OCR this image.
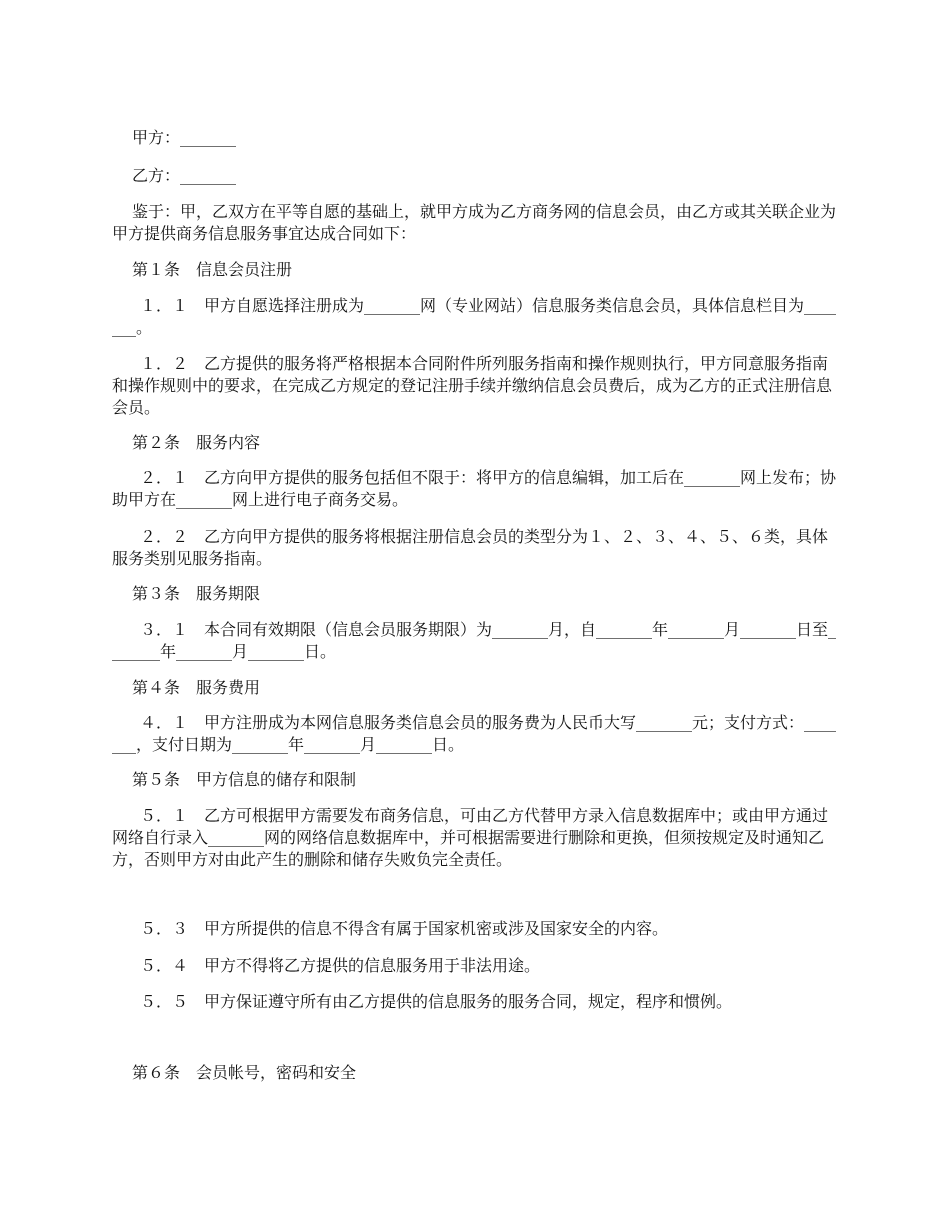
甲方：_______

乙方：_______

鉴于：甲，乙双方在平等自愿的基础上，就甲方成为乙方商务网的信息会员，由乙方或其关联企业为甲方提供商务信息服务事宜达成合同如下：

第１条　信息会员注册

１．１　甲方自愿选择注册成为_______网（专业网站）信息服务类信息会员，具体信息栏目为_______。

１．２　乙方提供的服务将严格根据本合同附件所列服务指南和操作规则执行，甲方同意服务指南和操作规则中的要求，在完成乙方规定的登记注册手续并缴纳信息会员费后，成为乙方的正式注册信息会员。

第２条　服务内容

２．１　乙方向甲方提供的服务包括但不限于：将甲方的信息编辑，加工后在_______网上发布；协助甲方在_______网上进行电子商务交易。

２．２　乙方向甲方提供的服务将根据注册信息会员的类型分为１、２、３、４、５、６类，具体服务类别见服务指南。

第３条　服务期限

３．１　本合同有效期限（信息会员服务期限）为_______月，自_______年_______月_______日至_______年_______月_______日。

第４条　服务费用

４．１　甲方注册成为本网信息服务类信息会员的服务费为人民币大写_______元；支付方式：_______，支付日期为_______年_______月_______日。

第５条　甲方信息的储存和限制

５．１　乙方可根据甲方需要发布商务信息，可由乙方代替甲方录入信息数据库中；或由甲方通过网络自行录入_______网的网络信息数据库中，并可根据需要进行删除和更换，但须按规定及时通知乙方，否则甲方对由此产生的删除和储存失败负完全责任。

５．３　甲方所提供的信息不得含有属于国家机密或涉及国家安全的内容。

５．４　甲方不得将乙方提供的信息服务用于非法用途。

５．５　甲方保证遵守所有由乙方提供的信息服务的服务合同，规定，程序和惯例。

第６条　会员帐号，密码和安全
